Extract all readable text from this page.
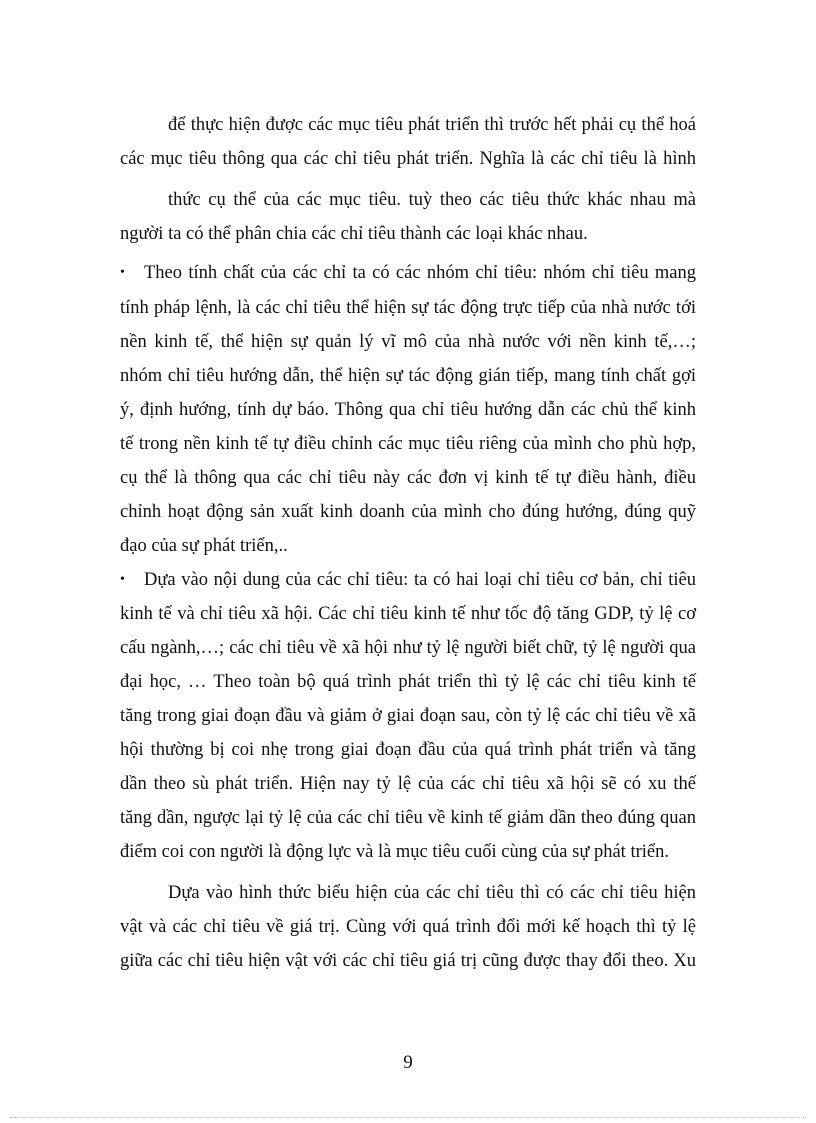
để thực hiện được các mục tiêu phát triển thì trước hết phải cụ thể hoá
các mục tiêu thông qua các chỉ tiêu phát triển. Nghĩa là các chỉ tiêu là hình
thức cụ thể của các mục tiêu. tuỳ theo các tiêu thức khác nhau mà
người ta có thể phân chia các chỉ tiêu thành các loại khác nhau.
•	Theo tính chất của các chỉ ta có các nhóm chỉ tiêu: nhóm chỉ tiêu mang
tính pháp lệnh, là các chỉ tiêu thể hiện sự tác động trực tiếp của nhà nước tới
nền kinh tế, thể hiện sự quản lý vĩ mô của nhà nước với nền kinh tế,…;
nhóm chỉ tiêu hướng dẫn, thể hiện sự tác động gián tiếp, mang tính chất gợi
ý, định hướng, tính dự báo. Thông qua chỉ tiêu hướng dẫn các chủ thể kinh
tế trong nền kinh tế tự điều chỉnh các mục tiêu riêng của mình cho phù hợp,
cụ thể là thông qua các chỉ tiêu này các đơn vị kinh tế tự điều hành, điều
chỉnh hoạt động sản xuất kinh doanh của mình cho đúng hướng, đúng quỹ
đạo của sự phát triển,..
•	Dựa vào nội dung của các chỉ tiêu: ta có hai loại chỉ tiêu cơ bản, chỉ tiêu
kinh tế và chỉ tiêu xã hội. Các chỉ tiêu kinh tế như tốc độ tăng GDP, tỷ lệ cơ
cấu ngành,…; các chỉ tiêu về xã hội như tỷ lệ người biết chữ, tỷ lệ người qua
đại học, … Theo toàn bộ quá trình phát triển thì tỷ lệ các chỉ tiêu kinh tế
tăng trong giai đoạn đầu và giảm ở giai đoạn sau, còn tỷ lệ các chỉ tiêu về xã
hội thường bị coi nhẹ trong giai đoạn đầu của quá trình phát triển và tăng
dần theo sù phát triển. Hiện nay tỷ lệ của các chỉ tiêu xã hội sẽ có xu thế
tăng dần, ngược lại tỷ lệ của các chỉ tiêu về kinh tế giảm dần theo đúng quan
điểm coi con người là động lực và là mục tiêu cuối cùng của sự phát triển.
Dựa vào hình thức biểu hiện của các chỉ tiêu thì có các chỉ tiêu hiện
vật và các chỉ tiêu về giá trị. Cùng với quá trình đổi mới kế hoạch thì tỷ lệ
giữa các chỉ tiêu hiện vật với các chỉ tiêu giá trị cũng được thay đổi theo. Xu
9
